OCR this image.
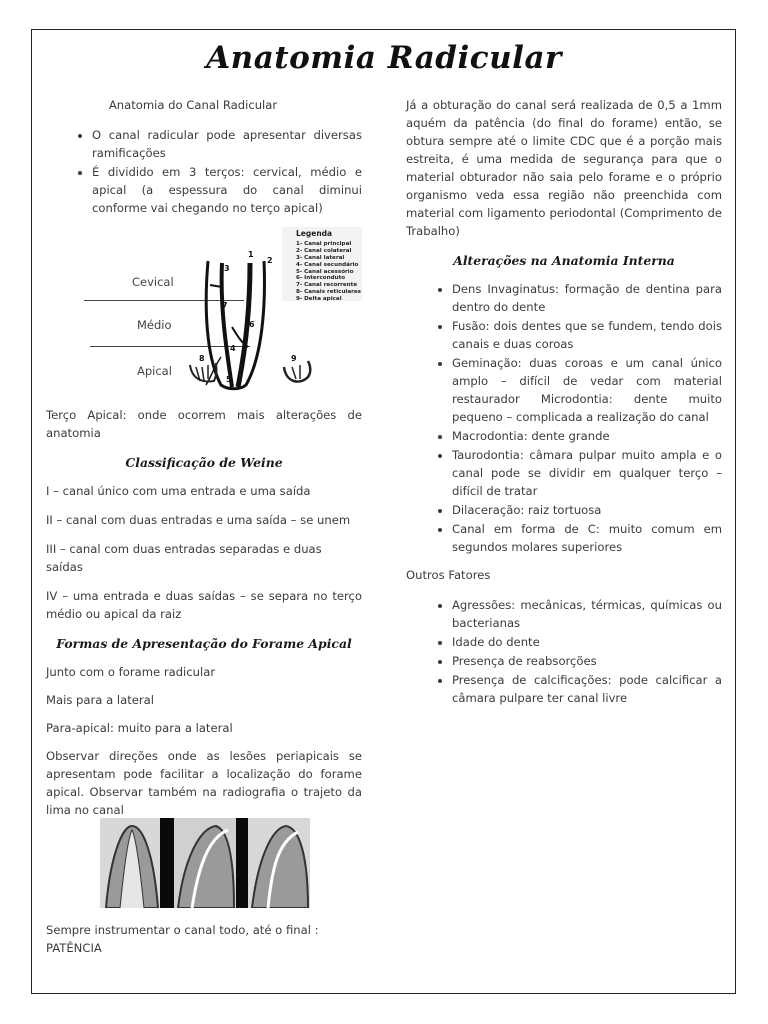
Anatomia Radicular

Anatomia do Canal Radicular

• O canal radicular pode apresentar diversas ramificações
• É dividido em 3 terços: cervical, médio e apical (a espessura do canal diminui conforme vai chegando no terço apical)
Cevical
Médio
Apical
1
2
3
4
5
6
7
8	9
Legenda
1- Canal principal
2- Canal colateral
3- Canal lateral
4- Canal secundário
5- Canal acessório
6- Interconduto
7- Canal recorrente
8- Canais reticulares
9- Delta apical

Terço Apical: onde ocorrem mais alterações de anatomia

Classificação de Weine

I – canal único com uma entrada e uma saída

II – canal com duas entradas e uma saída – se unem

III – canal com duas entradas separadas e duas saídas

IV – uma entrada e duas saídas – se separa no terço médio ou apical da raiz

Formas de Apresentação do Forame Apical

Junto com o forame radicular

Mais para a lateral

Para-apical: muito para a lateral

Observar direções onde as lesões periapicais se apresentam pode facilitar a localização do forame apical. Observar também na radiografia o trajeto da lima no canal

Sempre instrumentar o canal todo, até o final : PATÊNCIA

Já a obturação do canal será realizada de 0,5 a 1mm aquém da patência (do final do forame) então, se obtura sempre até o limite CDC que é a porção mais estreita, é uma medida de segurança para que o material obturador não saia pelo forame e o próprio organismo veda essa região não preenchida com material com ligamento periodontal (Comprimento de Trabalho)

Alterações na Anatomia Interna

• Dens Invaginatus: formação de dentina para dentro do dente
• Fusão: dois dentes que se fundem, tendo dois canais e duas coroas
• Geminação: duas coroas e um canal único amplo – difícil de vedar com material restaurador Microdontia: dente muito pequeno – complicada a realização do canal
• Macrodontia: dente grande
• Taurodontia: câmara pulpar muito ampla e o canal pode se dividir em qualquer terço – difícil de tratar
• Dilaceração: raiz tortuosa
• Canal em forma de C: muito comum em segundos molares superiores

Outros Fatores

• Agressões: mecânicas, térmicas, químicas ou bacterianas
• Idade do dente
• Presença de reabsorções
• Presença de calcificações: pode calcificar a câmara pulpare ter canal livre
